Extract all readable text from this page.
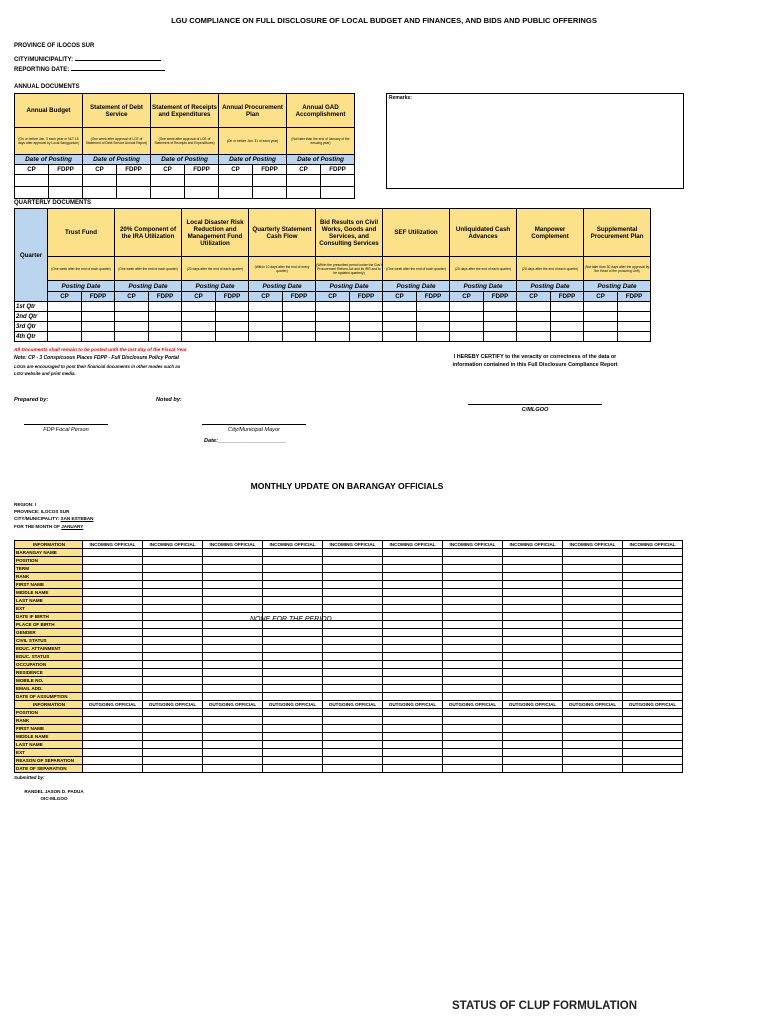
LGU COMPLIANCE ON FULL DISCLOSURE OF LOCAL BUDGET AND FINANCES, AND BIDS AND PUBLIC OFFERINGS
PROVINCE OF ILOCOS SUR
CITY/MUNICIPALITY:
REPORTING DATE:
ANNUAL DOCUMENTS
Annual Budget		Statement of Debt Service		Statement of Receipts and Expenditures		Annual Procurement Plan		Annual GAD Accomplishment	
(On or before Jan. 5 each year or NLT 15 days after approval by Local Sanggunian)		(One week after approval of LCE of Statement of Debt Service Annual Report)		(One week after approval of LCE of Statement of Receipts and Expenditures)		(On or before Jan. 31 of each year)		(Not later than the end of January of the ensuing year)	
Date of Posting		Date of Posting		Date of Posting		Date of Posting		Date of Posting	
CP	FDPP	CP	FDPP	CP	FDPP	CP	FDPP	CP	FDPP

Remarks:
QUARTERLY DOCUMENTS
Quarter	Trust Fund		20% Component of the IRA Utilization		Local Disaster Risk Reduction and Management Fund Utilization		Quarterly Statement Cash Flow		Bid Results on Civil Works, Goods and Services, and Consulting Services		SEF Utilization		Unliquidated Cash Advances		Manpower Complement		Supplemental Procurement Plan	
	(One week after the end of each quarter)		(One week after the end of each quarter)		(20 days after the end of each quarter)		(Within 10 days after the end of every quarter)		(Within the prescribed period under the Gov't Procurement Reform Act and its IRR and to be updated quarterly)		(One week after the end of each quarter)		(20 days after the end of each quarter)		(20 days after the end of each quarter)		(Not later than 30 days after the approval by the Head of the procuring Unit)	
	Posting Date		Posting Date		Posting Date		Posting Date		Posting Date		Posting Date		Posting Date		Posting Date		Posting Date	
	CP	FDPP	CP	FDPP	CP	FDPP	CP	FDPP	CP	FDPP	CP	FDPP	CP	FDPP	CP	FDPP	CP	FDPP
1st Qtr																		
2nd Qtr																		
3rd Qtr																		
4th Qtr																		
All Documents shall remain to be posted until the last day of the Fiscal Year
Note: CP - 3 Conspicuous Places FDPP - Full Disclosure Policy Portal
LGUs are encouraged to post their financial documents in other modes such as
LGU website and print media.
I HEREBY CERTIFY to the veracity or correctness of the data or
information contained in this Full Disclosure Compliance Report
Prepared by:	Noted by:
C/MLGOO
FDP Focal Person	City/Municipal Mayor
Date:______________________
MONTHLY UPDATE ON BARANGAY OFFICIALS
REGION: I
PROVINCE: ILOCOS SUR
CITY/MUNICIPALITY: SAN ESTEBAN
FOR THE MONTH OF JANUARY
INFORMATION	INCOMING OFFICIAL	INCOMING OFFICIAL	INCOMING OFFICIAL	INCOMING OFFICIAL	INCOMING OFFICIAL	INCOMING OFFICIAL	INCOMING OFFICIAL	INCOMING OFFICIAL	INCOMING OFFICIAL	INCOMING OFFICIAL
BARANGAY NAME										
POSITION										
TERM										
RANK										
FIRST NAME										
MIDDLE NAME										
LAST NAME										
EXT										
DATE IF BIRTH										
PLACE OF BIRTH										
GENDER										
CIVIL STATUS										
EDUC. ATTAINMENT										
EDUC. STATUS										
OCCUPATION										
RESIDENCE										
MOBILE NO.										
EMAIL ADD.										
DATE OF ASSUMPTION										
INFORMATION	OUTGOING OFFICIAL	OUTGOING OFFICIAL	OUTGOING OFFICIAL	OUTGOING OFFICIAL	OUTGOING OFFICIAL	OUTGOING OFFICIAL	OUTGOING OFFICIAL	OUTGOING OFFICIAL	OUTGOING OFFICIAL	OUTGOING OFFICIAL
POSITION										
RANK										
FIRST NAME										
MIDDLE NAME										
LAST NAME										
EXT										
REASON OF SEPARATION										
DATE OF SEPARATION										
NONE FOR THE PERIOD
Submitted by:
RANDEL JASON D. PADUA
OIC-MLGOO
STATUS OF CLUP FORMULATION
